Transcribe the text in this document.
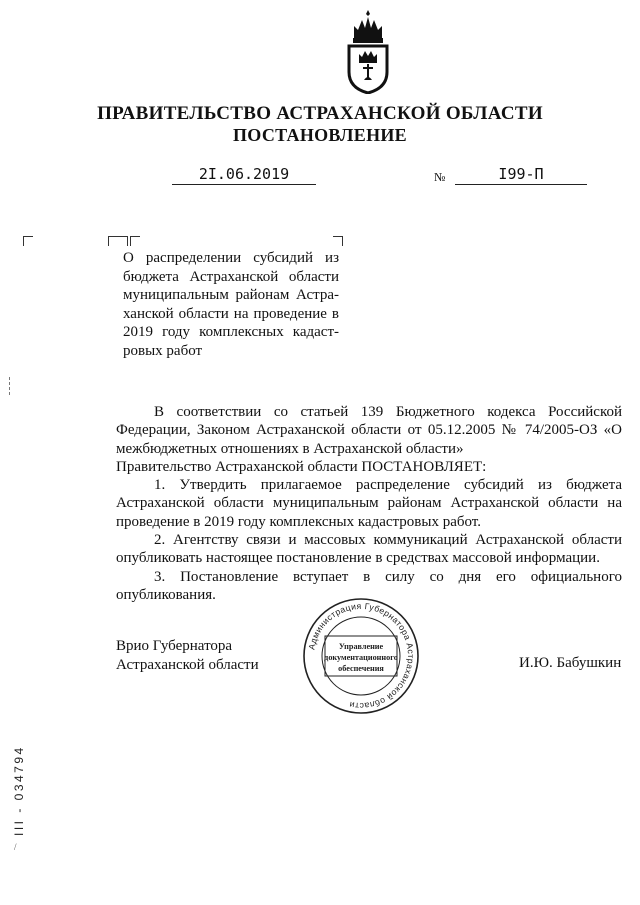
ПРАВИТЕЛЬСТВО АСТРАХАНСКОЙ ОБЛАСТИ
ПОСТАНОВЛЕНИЕ
2I.06.2019	№	I99-П
О распределении субсидий из
бюджета Астраханской области
муниципальным районам Астра-
ханской области на проведение в
2019 году комплексных кадаст-
ровых работ

В соответствии со статьей 139 Бюджетного кодекса Российской Федерации, Законом Астраханской области от 05.12.2005 № 74/2005-ОЗ «О межбюджетных отношениях в Астраханской области»

Правительство Астраханской области ПОСТАНОВЛЯЕТ:

1. Утвердить прилагаемое распределение субсидий из бюджета Астраханской области муниципальным районам Астраханской области на проведение в 2019 году комплексных кадастровых работ.

2. Агентству связи и массовых коммуникаций Астраханской области опубликовать настоящее постановление в средствах массовой информации.

3. Постановление вступает в силу со дня его официального опубликования.

Врио Губернатора
Астраханской области	И.Ю. Бабушкин
Администрация Губернатора Астраханской области
Управление
документационного
обеспечения
ІІІ - 034794
/
